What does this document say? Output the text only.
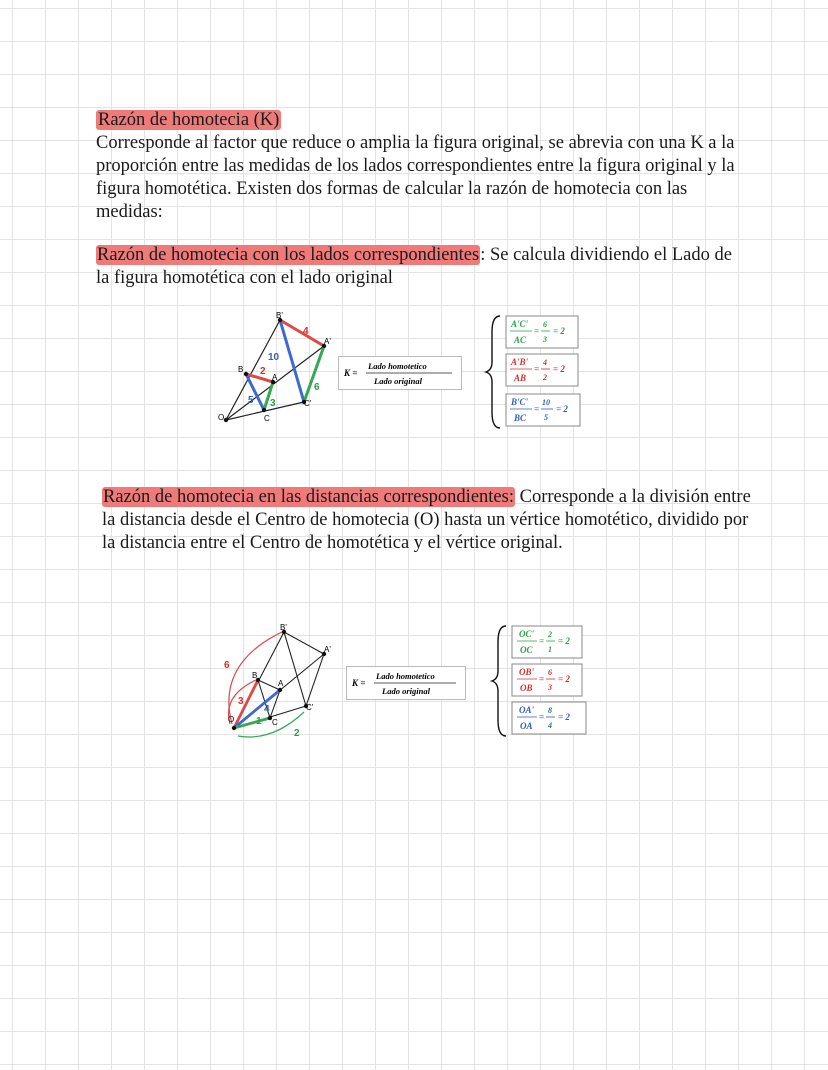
Razón de homotecia (K)
Corresponde al factor que reduce o amplia la figura original, se abrevia con una K a la proporción entre las medidas de los lados correspondientes entre la figura original y la figura homotética. Existen dos formas de calcular la razón de homotecia con las medidas:
Razón de homotecia con los lados correspondientes: Se calcula dividiendo el Lado de la figura homotética con el lado original
O
B
A
C
B'
A'
C'
4
2
10
5
6
3
K =
Lado homotetico
Lado original
A'C'
AC
=
6
3
= 2
A'B'
AB
=
4
2
= 2
B'C'
BC
=
10
5
= 2
Razón de homotecia en las distancias correspondientes: Corresponde a la división entre la distancia desde el Centro de homotecia (O) hasta un vértice homotético, dividido por la distancia entre el Centro de homotética y el vértice original.
O
B
A
C
B'
A'
C'
6
3
4
1
2
K =
Lado homotetico
Lado original
OC'
OC
=
2
1
= 2
OB'
OB
=
6
3
= 2
OA'
OA
=
8
4
= 2
